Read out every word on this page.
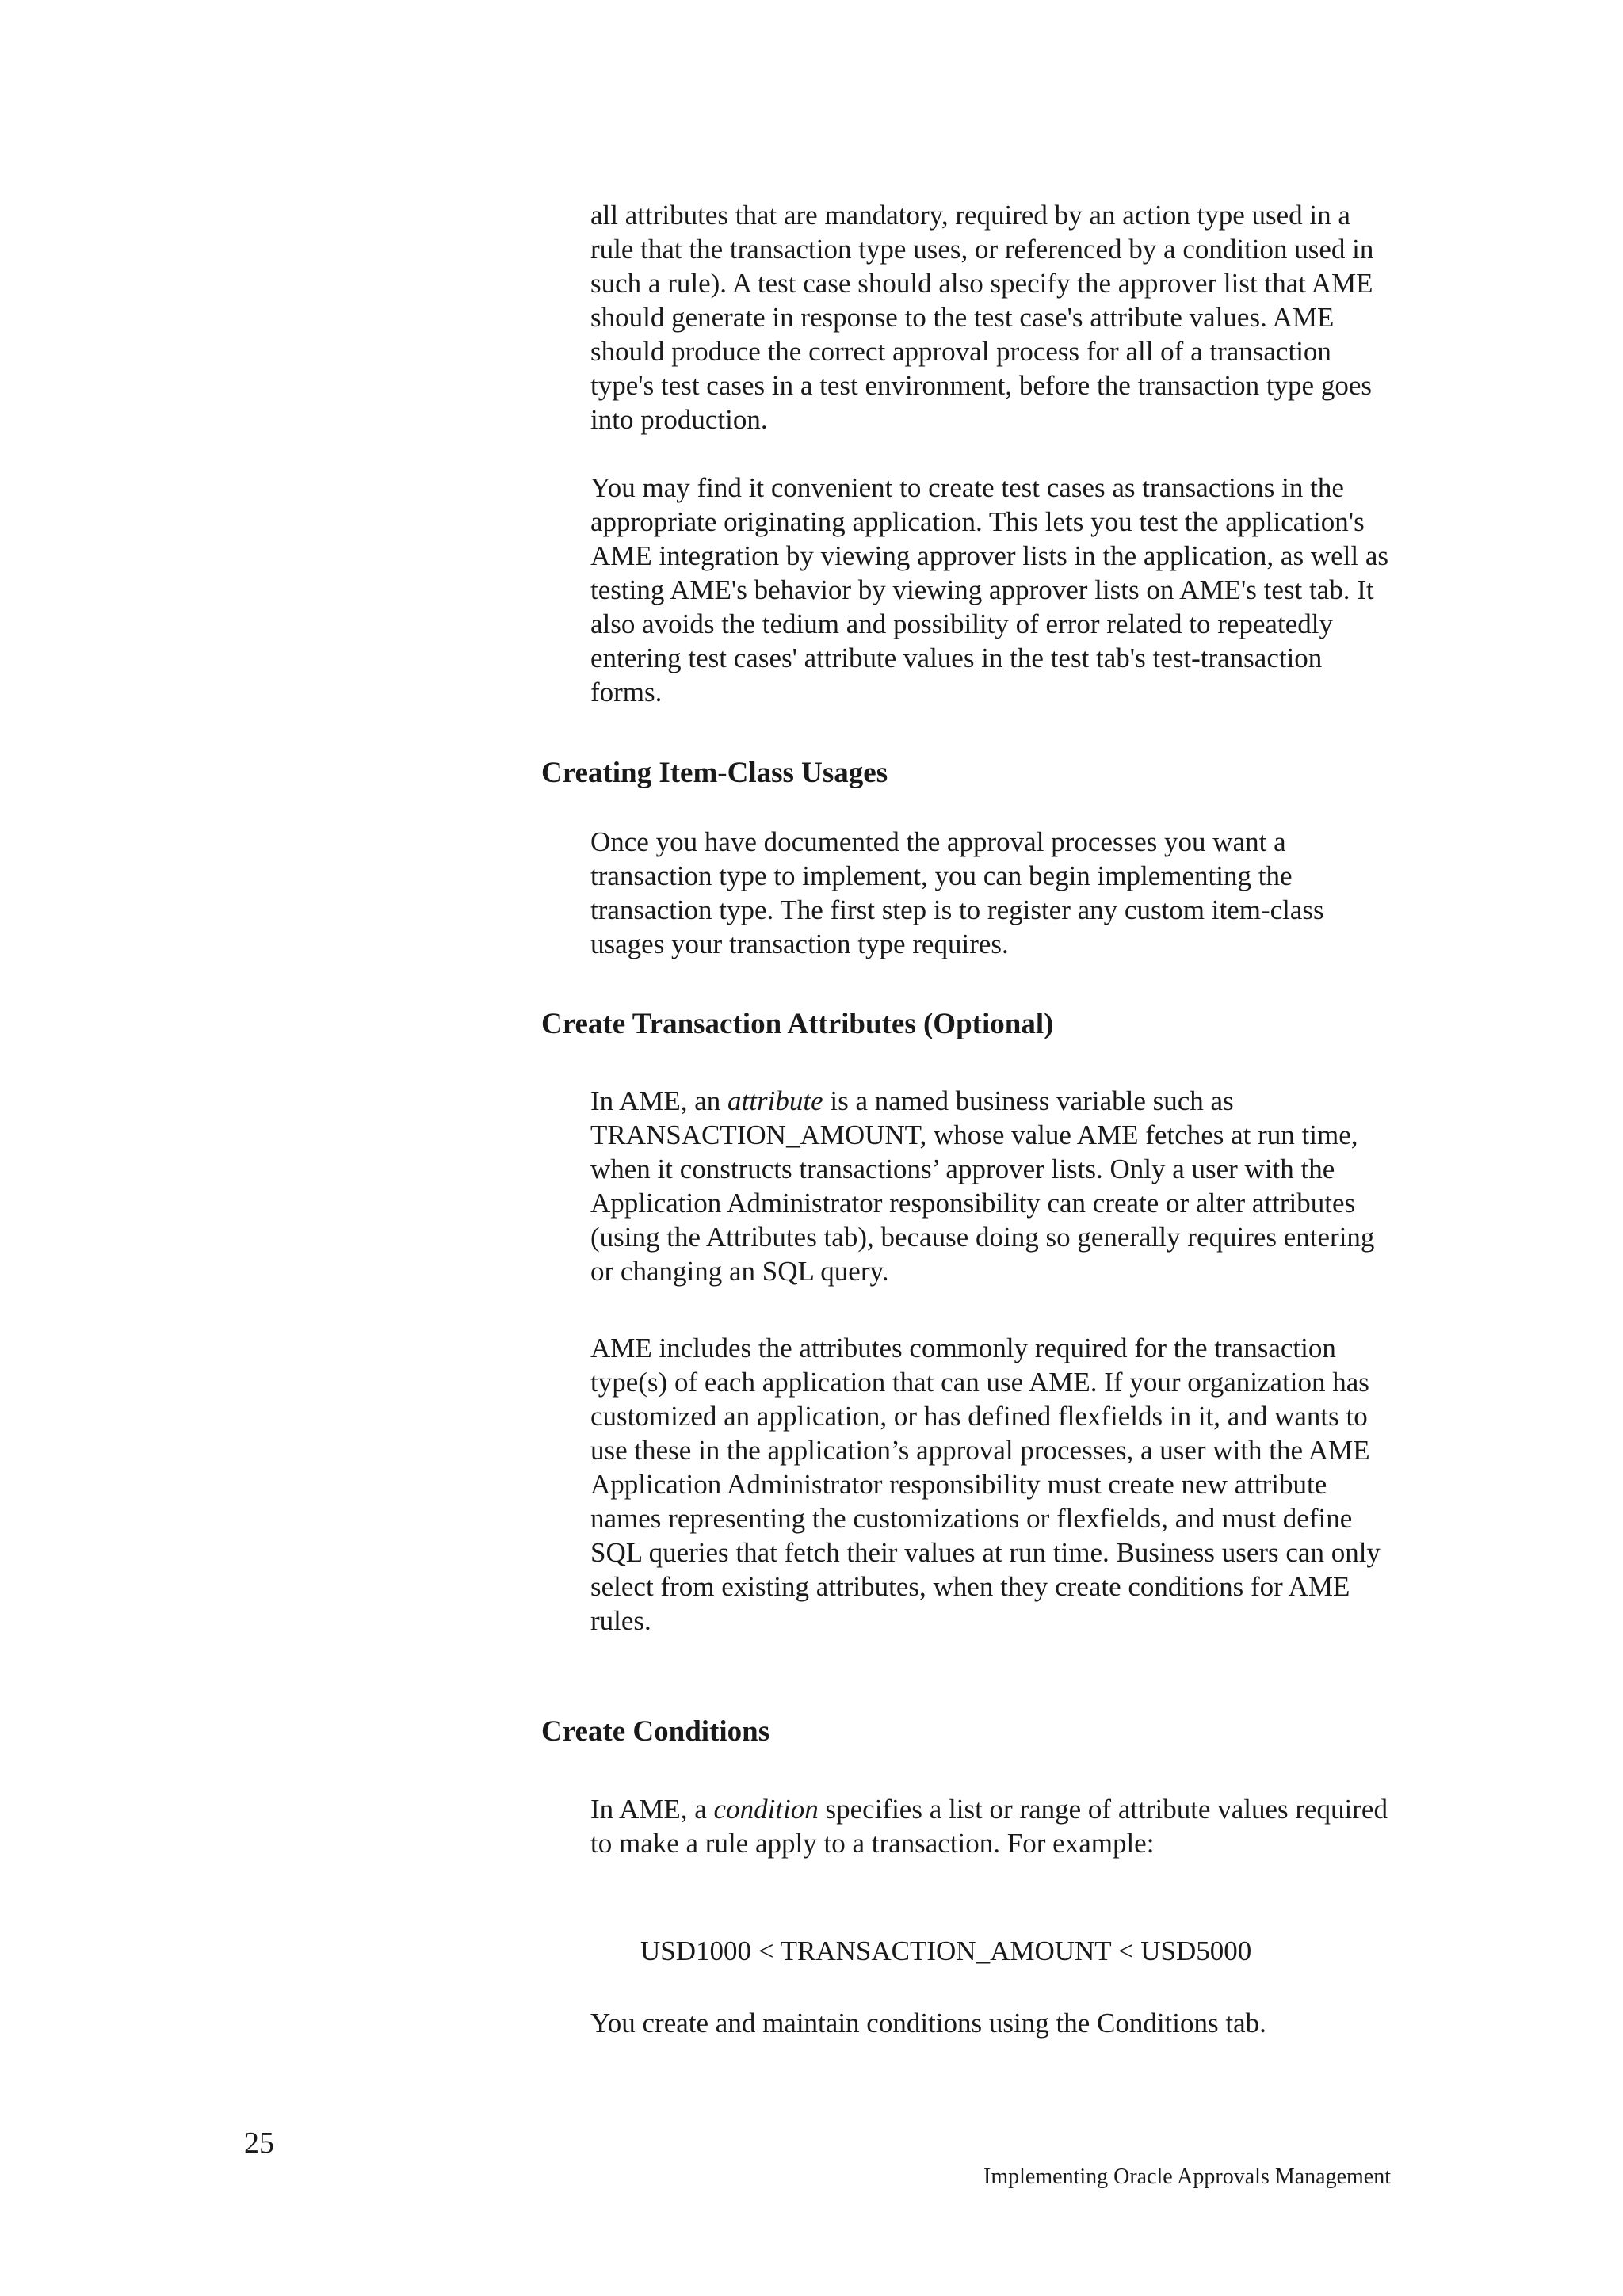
all attributes that are mandatory, required by an action type used in a rule that the transaction type uses, or referenced by a condition used in such a rule). A test case should also specify the approver list that AME should generate in response to the test case's attribute values. AME should produce the correct approval process for all of a transaction type's test cases in a test environment, before the transaction type goes into production.

You may find it convenient to create test cases as transactions in the appropriate originating application. This lets you test the application's AME integration by viewing approver lists in the application, as well as testing AME's behavior by viewing approver lists on AME's test tab. It also avoids the tedium and possibility of error related to repeatedly entering test cases' attribute values in the test tab's test-transaction forms.

Creating Item-Class Usages

Once you have documented the approval processes you want a transaction type to implement, you can begin implementing the transaction type. The first step is to register any custom item-class usages your transaction type requires.

Create Transaction Attributes (Optional)

In AME, an attribute is a named business variable such as TRANSACTION_AMOUNT, whose value AME fetches at run time, when it constructs transactions’ approver lists. Only a user with the Application Administrator responsibility can create or alter attributes (using the Attributes tab), because doing so generally requires entering or changing an SQL query.

AME includes the attributes commonly required for the transaction type(s) of each application that can use AME. If your organization has customized an application, or has defined flexfields in it, and wants to use these in the application’s approval processes, a user with the AME Application Administrator responsibility must create new attribute names representing the customizations or flexfields, and must define SQL queries that fetch their values at run time. Business users can only select from existing attributes, when they create conditions for AME rules.

Create Conditions

In AME, a condition specifies a list or range of attribute values required to make a rule apply to a transaction. For example:

USD1000 < TRANSACTION_AMOUNT < USD5000

You create and maintain conditions using the Conditions tab.

25

Implementing Oracle Approvals Management
